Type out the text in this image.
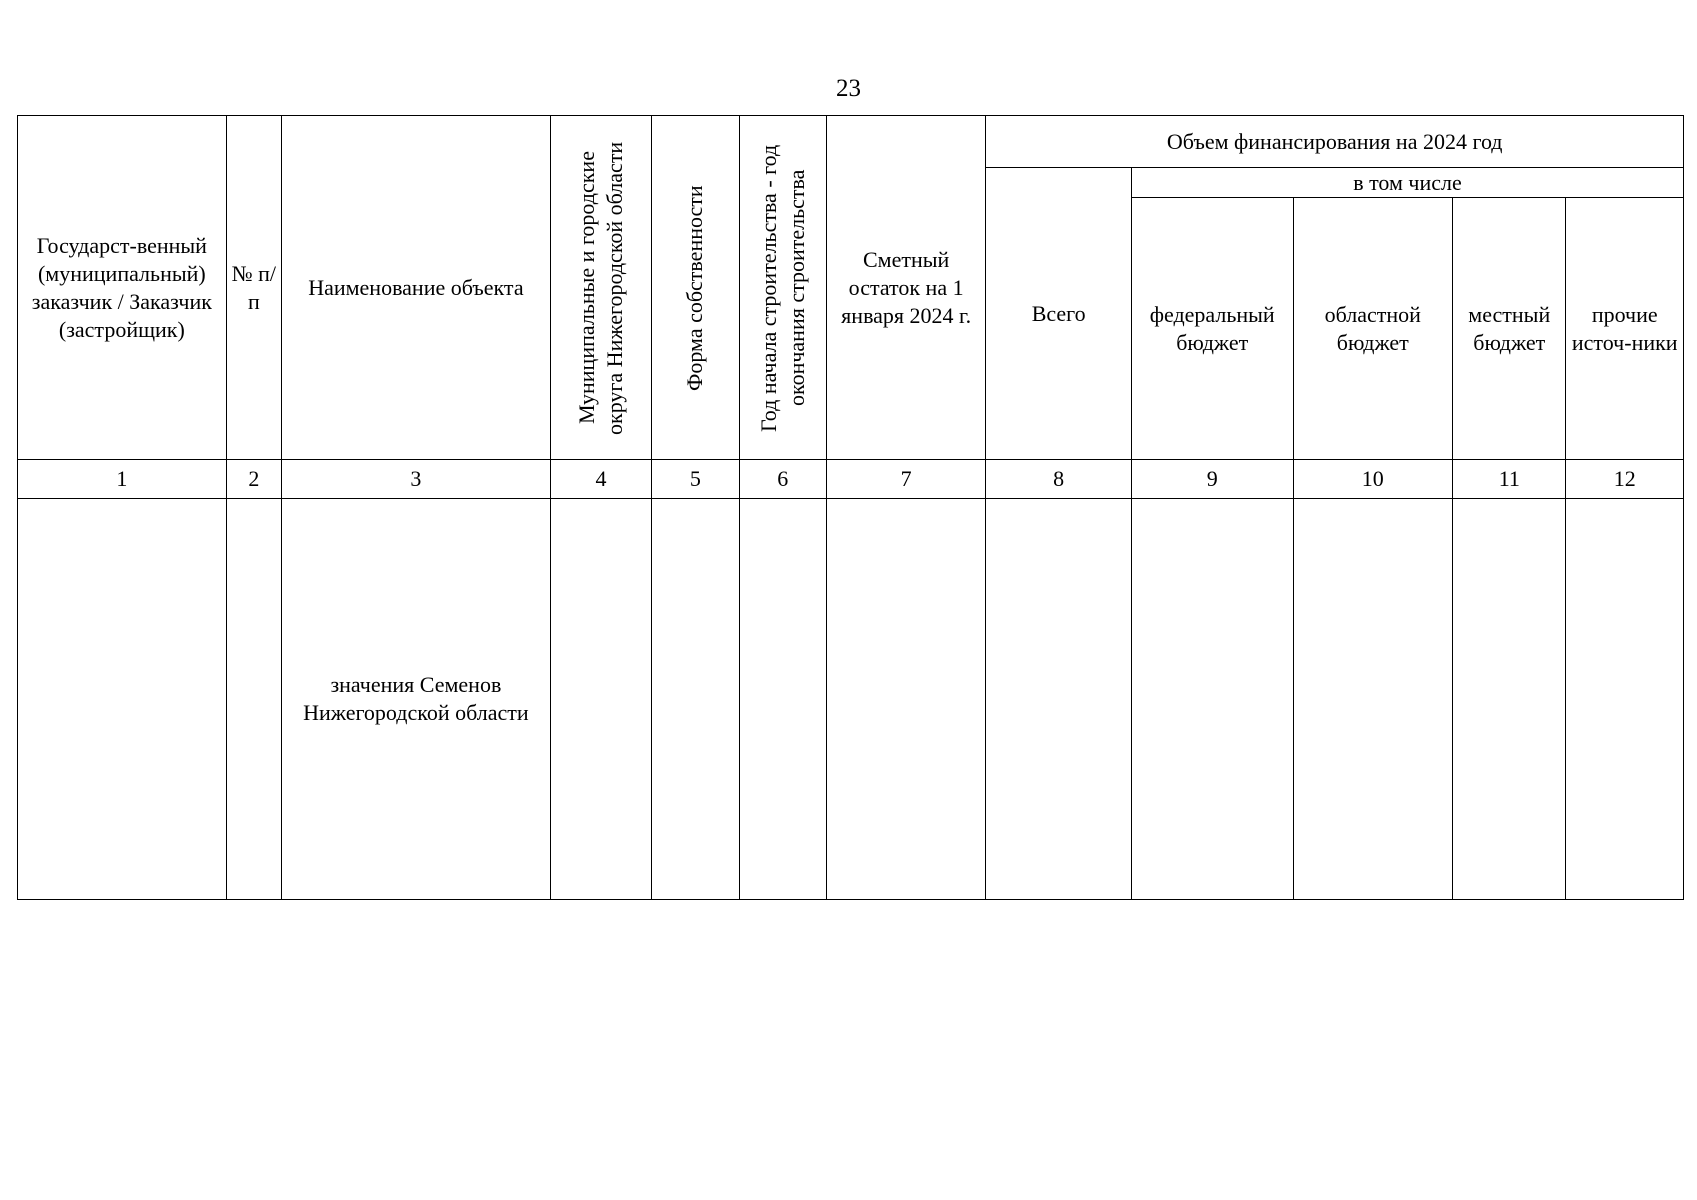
23
Государст-венный (муниципальный) заказчик / Заказчик (застройщик)	№ п/п	Наименование объекта	Муниципальные и городские округа Нижегородской области	Форма собственности	Год начала строительства - год окончания строительства	Сметный остаток на 1 января 2024 г.	Объем финансирования на 2024 год				
							Всего	в том числе			
								федеральный бюджет	областной бюджет	местный бюджет	прочие источ-ники
1	2	3	4	5	6	7	8	9	10	11	12
		значения Семенов Нижегородской области									
